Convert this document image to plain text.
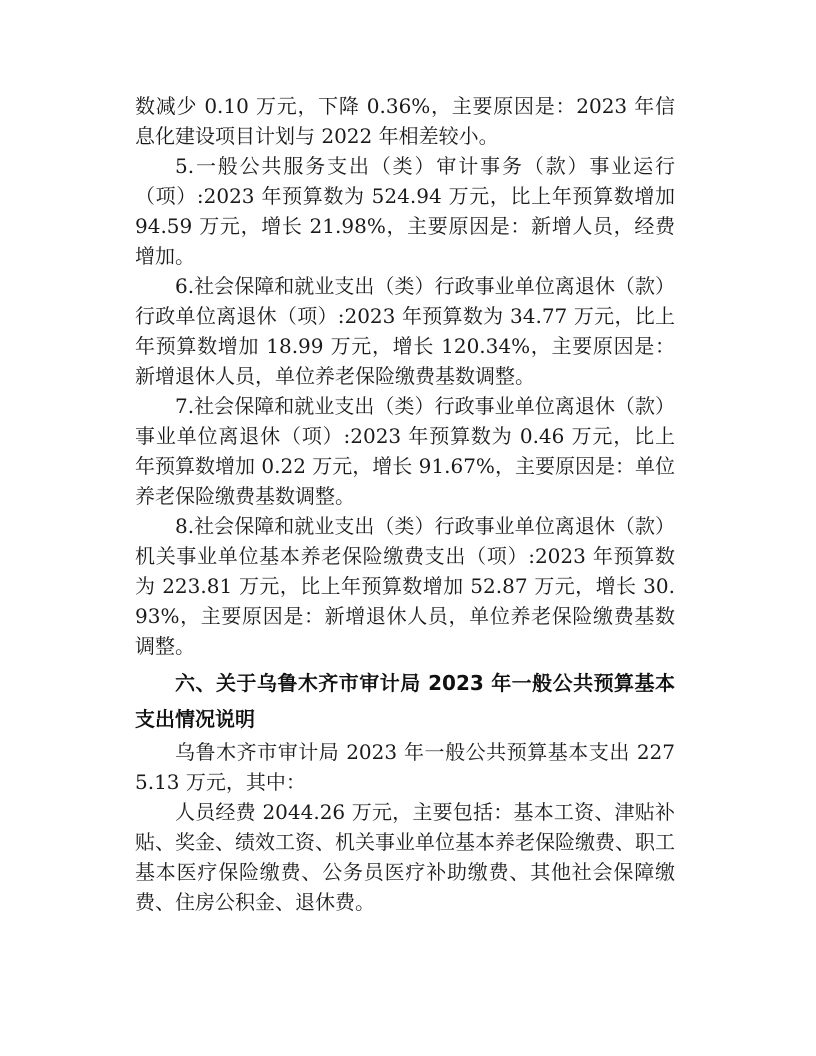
数减少 0.10 万元，下降 0.36%，主要原因是：2023 年信息化建设项目计划与 2022 年相差较小。

5.一般公共服务支出（类）审计事务（款）事业运行（项）:2023 年预算数为 524.94 万元，比上年预算数增加 94.59 万元，增长 21.98%，主要原因是：新增人员，经费增加。

6.社会保障和就业支出（类）行政事业单位离退休（款）行政单位离退休（项）:2023 年预算数为 34.77 万元，比上年预算数增加 18.99 万元，增长 120.34%，主要原因是：新增退休人员，单位养老保险缴费基数调整。

7.社会保障和就业支出（类）行政事业单位离退休（款）事业单位离退休（项）:2023 年预算数为 0.46 万元，比上年预算数增加 0.22 万元，增长 91.67%，主要原因是：单位养老保险缴费基数调整。

8.社会保障和就业支出（类）行政事业单位离退休（款）机关事业单位基本养老保险缴费支出（项）:2023 年预算数为 223.81 万元，比上年预算数增加 52.87 万元，增长 30.93%，主要原因是：新增退休人员，单位养老保险缴费基数调整。

六、关于乌鲁木齐市审计局 2023 年一般公共预算基本支出情况说明

乌鲁木齐市审计局 2023 年一般公共预算基本支出 2275.13 万元，其中：

人员经费 2044.26 万元，主要包括：基本工资、津贴补贴、奖金、绩效工资、机关事业单位基本养老保险缴费、职工基本医疗保险缴费、公务员医疗补助缴费、其他社会保障缴费、住房公积金、退休费。
